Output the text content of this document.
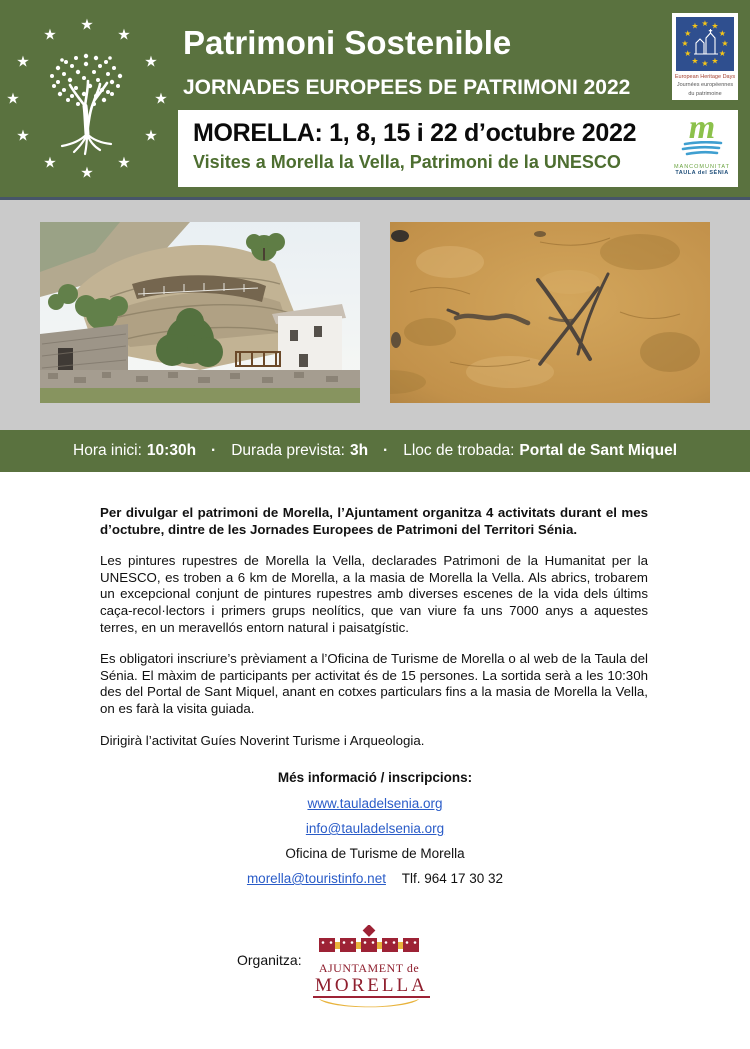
★
★
★
★
★
★
★
★
★
★
★
★	Patrimoni Sostenible
JORNADES EUROPEES DE PATRIMONI 2022
MORELLA: 1, 8, 15 i 22 d’octubre 2022
Visites a Morella la Vella, Patrimoni de la UNESCO
m
MANCOMUNITAT
TAULA del SÉNIA
★ ★
★
★
★
★
★
★
★
★
★
★
European Heritage Days
Journées européennes
du patrimoine
Hora inici: 10:30h · Durada prevista: 3h · Lloc de trobada: Portal de Sant Miquel

Per divulgar el patrimoni de Morella, l’Ajuntament organitza 4 activitats durant el mes d’octubre, dintre de les Jornades Europees de Patrimoni del Territori Sénia.

Les pintures rupestres de Morella la Vella, declarades Patrimoni de la Humanitat per la UNESCO, es troben a 6 km de Morella, a la masia de Morella la Vella. Als abrics, trobarem un excepcional conjunt de pintures rupestres amb diverses escenes de la vida dels últims caça-recol·lectors i primers grups neolítics, que van viure fa uns 7000 anys a aquestes terres, en un meravellós entorn natural i paisatgístic.

Es obligatori inscriure’s prèviament a l’Oficina de Turisme de Morella o al web de la Taula del Sénia. El màxim de participants per activitat és de 15 persones. La sortida serà a les 10:30h des del Portal de Sant Miquel, anant en cotxes particulars fins a la masia de Morella la Vella, on es farà la visita guiada.

Dirigirà l’activitat Guíes Noverint Turisme i Arqueologia.

Més informació / inscripcions:
www.tauladelsenia.org
info@tauladelsenia.org
Oficina de Turisme de Morella
morella@touristinfo.net Tlf. 964 17 30 32
Organitza:	AJUNTAMENT de
MORELLA
